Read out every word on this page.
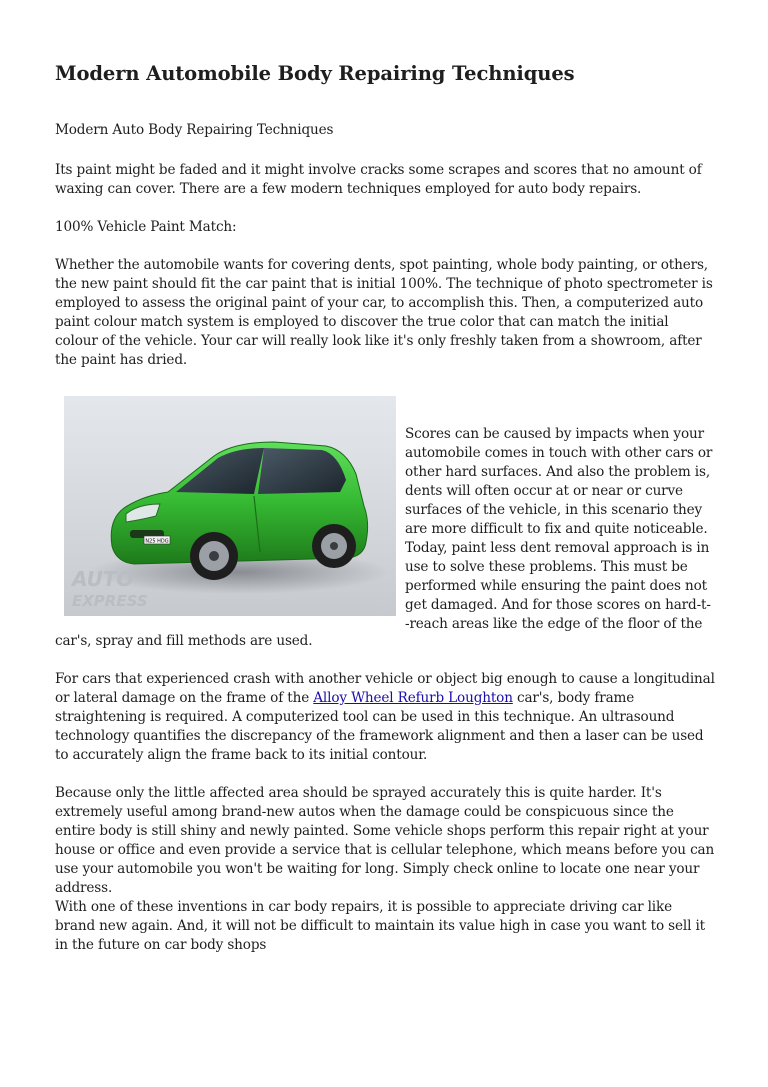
Modern Automobile Body Repairing Techniques

Modern Auto Body Repairing Techniques

Its paint might be faded and it might involve cracks some scrapes and scores that no amount of waxing can cover. There are a few modern techniques employed for auto body repairs.

100% Vehicle Paint Match:

Whether the automobile wants for covering dents, spot painting, whole body painting, or others, the new paint should fit the car paint that is initial 100%. The technique of photo spectrometer is employed to assess the original paint of your car, to accomplish this. Then, a computerized auto paint colour match system is employed to discover the true color that can match the initial colour of the vehicle. Your car will really look like it's only freshly taken from a showroom, after the paint has dried.

N25 HDG
AUTO
EXPRESS

Scores can be caused by impacts when your automobile comes in touch with other cars or other hard surfaces. And also the problem is, dents will often occur at or near or curve surfaces of the vehicle, in this scenario they are more difficult to fix and quite noticeable. Today, paint less dent removal approach is in use to solve these problems. This must be performed while ensuring the paint does not get damaged. And for those scores on hard-t--reach areas like the edge of the floor of the

car's, spray and fill methods are used.

For cars that experienced crash with another vehicle or object big enough to cause a longitudinal or lateral damage on the frame of the Alloy Wheel Refurb Loughton car's, body frame straightening is required. A computerized tool can be used in this technique. An ultrasound technology quantifies the discrepancy of the framework alignment and then a laser can be used to accurately align the frame back to its initial contour.

Because only the little affected area should be sprayed accurately this is quite harder. It's extremely useful among brand-new autos when the damage could be conspicuous since the entire body is still shiny and newly painted. Some vehicle shops perform this repair right at your house or office and even provide a service that is cellular telephone, which means before you can use your automobile you won't be waiting for long. Simply check online to locate one near your address.

With one of these inventions in car body repairs, it is possible to appreciate driving car like brand new again. And, it will not be difficult to maintain its value high in case you want to sell it in the future on car body shops
